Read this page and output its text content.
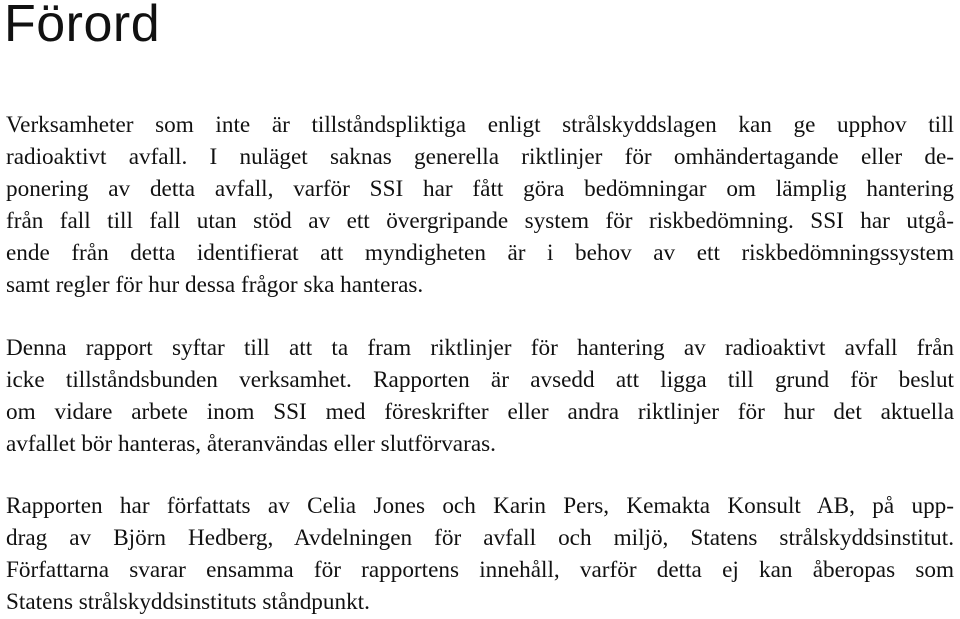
Förord

Verksamheter som inte är tillståndspliktiga enligt strålskyddslagen kan ge upphov till

radioaktivt avfall. I nuläget saknas generella riktlinjer för omhändertagande eller de-

ponering av detta avfall, varför SSI har fått göra bedömningar om lämplig hantering

från fall till fall utan stöd av ett övergripande system för riskbedömning. SSI har utgå-

ende från detta identifierat att myndigheten är i behov av ett riskbedömningssystem

samt regler för hur dessa frågor ska hanteras.

Denna rapport syftar till att ta fram riktlinjer för hantering av radioaktivt avfall från

icke tillståndsbunden verksamhet. Rapporten är avsedd att ligga till grund för beslut

om vidare arbete inom SSI med föreskrifter eller andra riktlinjer för hur det aktuella

avfallet bör hanteras, återanvändas eller slutförvaras.

Rapporten har författats av Celia Jones och Karin Pers, Kemakta Konsult AB, på upp-

drag av Björn Hedberg, Avdelningen för avfall och miljö, Statens strålskyddsinstitut.

Författarna svarar ensamma för rapportens innehåll, varför detta ej kan åberopas som

Statens strålskyddsinstituts ståndpunkt.
